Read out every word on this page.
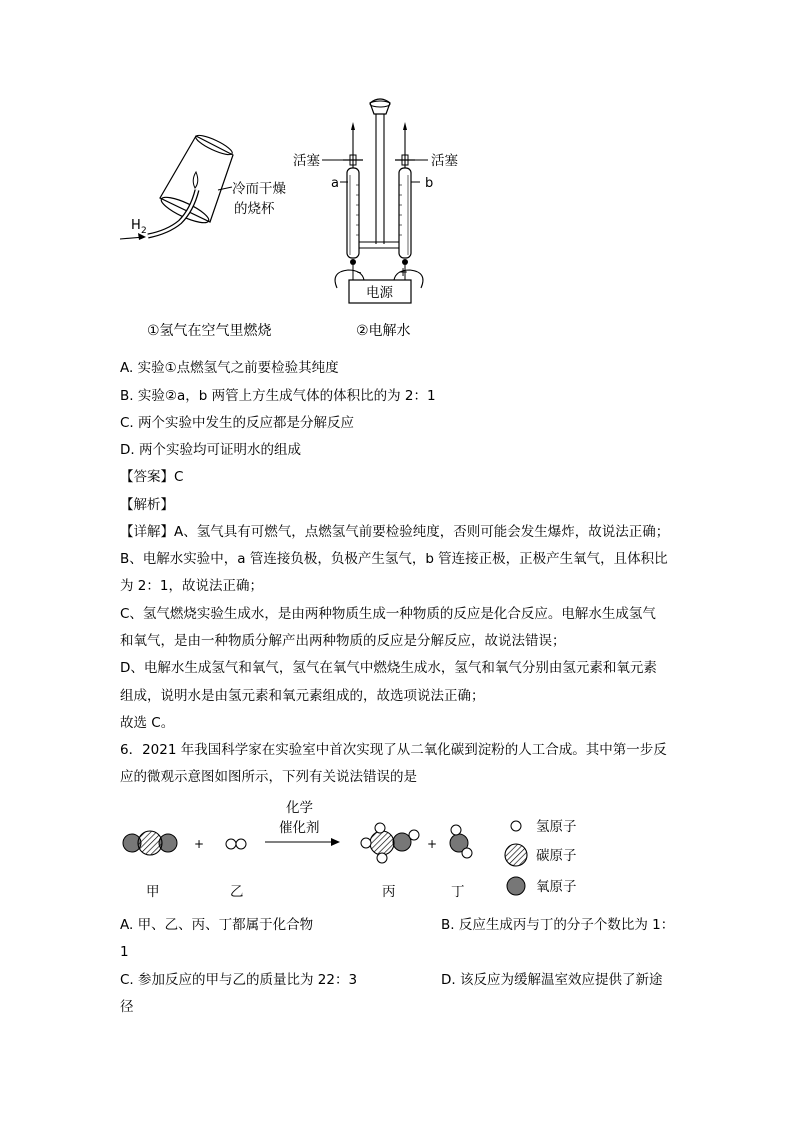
H 2
冷而干燥
的烧杯
活塞	活塞
a	b
-	+
电源
①氢气在空气里燃烧	②电解水
A. 实验①点燃氢气之前要检验其纯度
B. 实验②a，b 两管上方生成气体的体积比的为 2：1
C. 两个实验中发生的反应都是分解反应
D. 两个实验均可证明水的组成
【答案】C
【解析】
【详解】A、氢气具有可燃气，点燃氢气前要检验纯度，否则可能会发生爆炸，故说法正确；
B、电解水实验中，a 管连接负极，负极产生氢气，b 管连接正极，正极产生氧气，且体积比
为 2：1，故说法正确；
C、氢气燃烧实验生成水，是由两种物质生成一种物质的反应是化合反应。电解水生成氢气
和氧气，是由一种物质分解产出两种物质的反应是分解反应，故说法错误；
D、电解水生成氢气和氧气，氢气在氧气中燃烧生成水，氢气和氧气分别由氢元素和氧元素
组成，说明水是由氢元素和氧元素组成的，故选项说法正确；
故选 C。
6．2021 年我国科学家在实验室中首次实现了从二氧化碳到淀粉的人工合成。其中第一步反
应的微观示意图如图所示，下列有关说法错误的是
+
化学
催化剂
+
氢原子
碳原子
氧原子
甲	乙	丙	丁
A. 甲、乙、丙、丁都属于化合物	B. 反应生成丙与丁的分子个数比为 1：
1
C. 参加反应的甲与乙的质量比为 22：3	D. 该反应为缓解温室效应提供了新途
径
